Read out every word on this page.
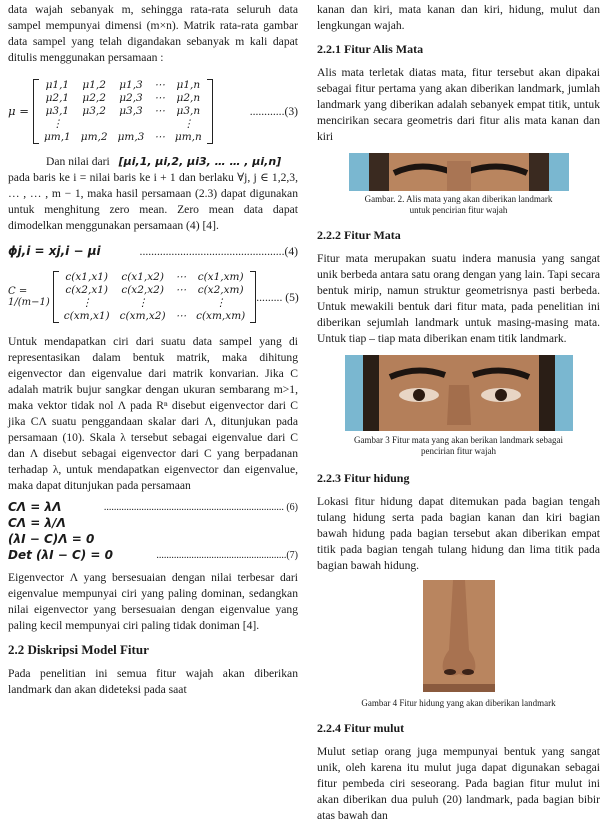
data wajah sebanyak m, sehingga rata-rata seluruh data sampel mempunyai dimensi (m×n). Matrik rata-rata gambar data sampel yang telah digandakan sebanyak m kali dapat ditulis menggunakan persamaan :

μ =
μ1,1	μ1,2	μ1,3	⋯	μ1,n
μ2,1	μ2,2	μ2,3	⋯	μ2,n
μ3,1	μ3,2	μ3,3	⋯	μ3,n
⋮				⋮
μm,1	μm,2	μm,3	⋯	μm,n
............(3)

Dan nilai dari [μi,1, μi,2, μi3, … … , μi,n]

pada baris ke i = nilai baris ke i + 1 dan berlaku ∀j, j ∈ 1,2,3, … , … , m − 1, maka hasil persamaan (2.3) dapat digunakan untuk menghitung zero mean. Zero mean data dapat dimodelkan menggunakan persamaan (4) [4].

ϕj,i = xj,i − μi	..................................................(4)
C = 1/(m−1)
c(x1,x1)	c(x1,x2)	⋯	c(x1,xm)
c(x2,x1)	c(x2,x2)	⋯	c(x2,xm)
⋮	⋮		⋮
c(xm,x1)	c(xm,x2)	⋯	c(xm,xm)
......... (5)

Untuk mendapatkan ciri dari suatu data sampel yang di representasikan dalam bentuk matrik, maka dihitung eigenvector dan eigenvalue dari matrik konvarian. Jika C adalah matrik bujur sangkar dengan ukuran sembarang m>1, maka vektor tidak nol Λ pada Rⁿ disebut eigenvector dari C jika CΛ suatu penggandaan skalar dari Λ, ditunjukan pada persamaan (10). Skala λ tersebut sebagai eigenvalue dari C dan Λ disebut sebagai eigenvector dari C yang berpadanan terhadap λ, untuk mendapatkan eigenvector dan eigenvalue, maka dapat ditunjukan pada persamaan

CΛ = λΛ	........................................................................ (6)
CΛ = λ/Λ
(λI − C)Λ = 0
Det (λI − C) = 0	....................................................(7)

Eigenvector Λ yang bersesuaian dengan nilai terbesar dari eigenvalue mempunyai ciri yang paling dominan, sedangkan nilai eigenvector yang bersesuaian dengan eigenvalue yang paling kecil mempunyai ciri paling tidak doniman [4].

2.2 Diskripsi Model Fitur

Pada penelitian ini semua fitur wajah akan diberikan landmark dan akan dideteksi pada saat

kanan dan kiri, mata kanan dan kiri, hidung, mulut dan lengkungan wajah.

2.2.1 Fitur Alis Mata

Alis mata terletak diatas mata, fitur tersebut akan dipakai sebagai fitur pertama yang akan diberikan landmark, jumlah landmark yang diberikan adalah sebanyek empat titik, untuk mencirikan secara geometris dari fitur alis mata kanan dan kiri

Gambar. 2. Alis mata yang akan diberikan landmark untuk pencirian fitur wajah
2.2.2 Fitur Mata

Fitur mata merupakan suatu indera manusia yang sangat unik berbeda antara satu orang dengan yang lain. Tapi secara bentuk mirip, namun struktur geometrisnya pasti berbeda. Untuk mewakili bentuk dari fitur mata, pada penelitian ini diberikan sejumlah landmark untuk masing-masing mata. Untuk tiap – tiap mata diberikan enam titik landmark.

Gambar 3 Fitur mata yang akan berikan landmark sebagai pencirian fitur wajah
2.2.3 Fitur hidung

Lokasi fitur hidung dapat ditemukan pada bagian tengah tulang hidung serta pada bagian kanan dan kiri bagian bawah hidung pada bagian tersebut akan diberikan empat titik pada bagian tengah tulang hidung dan lima titik pada bagian bawah hidung.

Gambar 4 Fitur hidung yang akan diberikan landmark
2.2.4 Fitur mulut

Mulut setiap orang juga mempunyai bentuk yang sangat unik, oleh karena itu mulut juga dapat digunakan sebagai fitur pembeda ciri seseorang. Pada bagian fitur mulut ini akan diberikan dua puluh (20) landmark, pada bagian bibir atas bawah dan
